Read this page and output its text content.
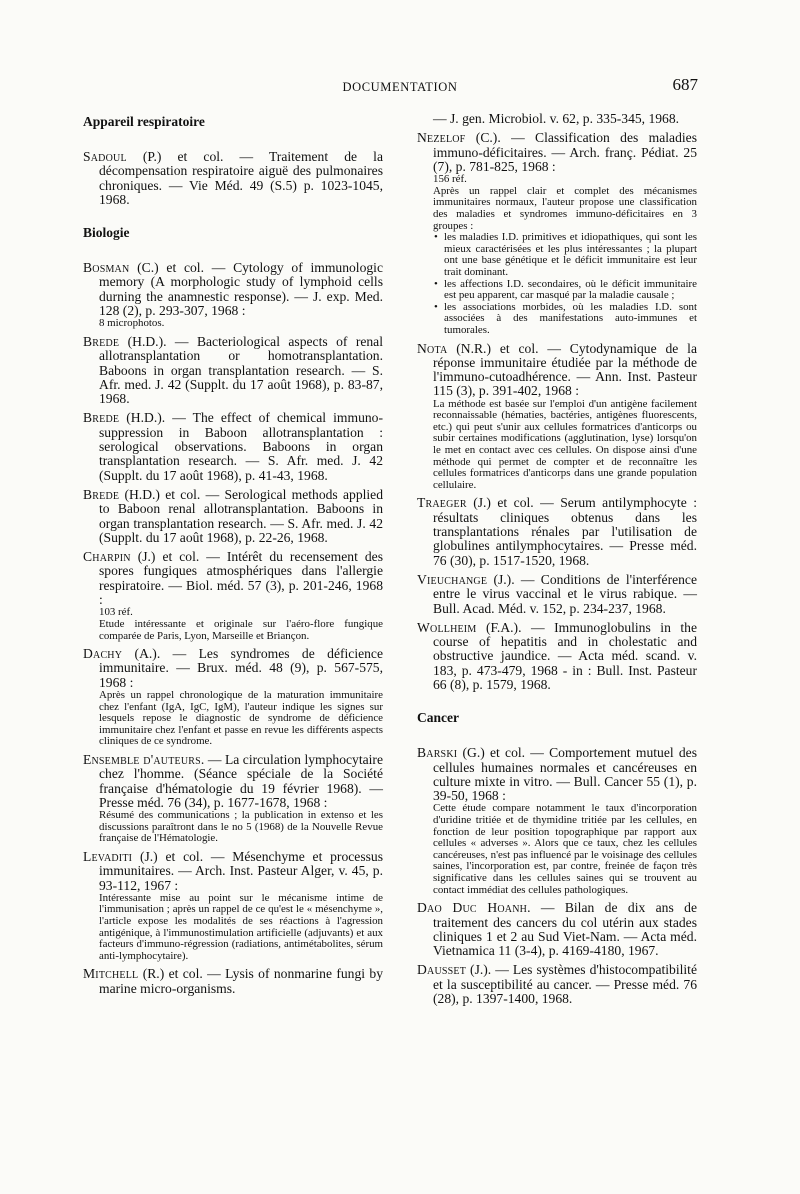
DOCUMENTATION	687
Appareil respiratoire

Sadoul (P.) et col. — Traitement de la décompensation respiratoire aiguë des pulmonaires chroniques. — Vie Méd. 49 (S.5) p. 1023-1045, 1968.

Biologie

Bosman (C.) et col. — Cytology of immunologic memory (A morphologic study of lymphoid cells durning the anamnestic response). — J. exp. Med. 128 (2), p. 293-307, 1968 :

8 microphotos.

Brede (H.D.). — Bacteriological aspects of renal allotransplantation or homotransplantation. Baboons in organ transplantation research. — S. Afr. med. J. 42 (Supplt. du 17 août 1968), p. 83-87, 1968.

Brede (H.D.). — The effect of chemical immuno-suppression in Baboon allotransplantation : serological observations. Baboons in organ transplantation research. — S. Afr. med. J. 42 (Supplt. du 17 août 1968), p. 41-43, 1968.

Brede (H.D.) et col. — Serological methods applied to Baboon renal allotransplantation. Baboons in organ transplantation research. — S. Afr. med. J. 42 (Supplt. du 17 août 1968), p. 22-26, 1968.

Charpin (J.) et col. — Intérêt du recensement des spores fungiques atmosphériques dans l'allergie respiratoire. — Biol. méd. 57 (3), p. 201-246, 1968 :

103 réf.

Etude intéressante et originale sur l'aéro-flore fungique comparée de Paris, Lyon, Marseille et Briançon.

Dachy (A.). — Les syndromes de déficience immunitaire. — Brux. méd. 48 (9), p. 567-575, 1968 :

Après un rappel chronologique de la maturation immunitaire chez l'enfant (IgA, IgC, IgM), l'auteur indique les signes sur lesquels repose le diagnostic de syndrome de déficience immunitaire chez l'enfant et passe en revue les différents aspects cliniques de ce syndrome.

Ensemble d'auteurs. — La circulation lymphocytaire chez l'homme. (Séance spéciale de la Société française d'hématologie du 19 février 1968). — Presse méd. 76 (34), p. 1677-1678, 1968 :

Résumé des communications ; la publication in extenso et les discussions paraîtront dans le no 5 (1968) de la Nouvelle Revue française de l'Hématologie.

Levaditi (J.) et col. — Mésenchyme et processus immunitaires. — Arch. Inst. Pasteur Alger, v. 45, p. 93-112, 1967 :

Intéressante mise au point sur le mécanisme intime de l'immunisation ; après un rappel de ce qu'est le « mésenchyme », l'article expose les modalités de ses réactions à l'agression antigénique, à l'immunostimulation artificielle (adjuvants) et aux facteurs d'immuno-régression (radiations, antimétabolites, sérum anti-lymphocytaire).

Mitchell (R.) et col. — Lysis of nonmarine fungi by marine micro-organisms.

— J. gen. Microbiol. v. 62, p. 335-345, 1968.

Nezelof (C.). — Classification des maladies immuno-déficitaires. — Arch. franç. Pédiat. 25 (7), p. 781-825, 1968 :

156 réf.

Après un rappel clair et complet des mécanismes immunitaires normaux, l'auteur propose une classification des maladies et syndromes immuno-déficitaires en 3 groupes :

• les maladies I.D. primitives et idiopathiques, qui sont les mieux caractérisées et les plus intéressantes ; la plupart ont une base génétique et le déficit immunitaire est leur trait dominant.
• les affections I.D. secondaires, où le déficit immunitaire est peu apparent, car masqué par la maladie causale ;
• les associations morbides, où les maladies I.D. sont associées à des manifestations auto-immunes et tumorales.

Nota (N.R.) et col. — Cytodynamique de la réponse immunitaire étudiée par la méthode de l'immuno-cutoadhérence. — Ann. Inst. Pasteur 115 (3), p. 391-402, 1968 :

La méthode est basée sur l'emploi d'un antigène facilement reconnaissable (hématies, bactéries, antigènes fluorescents, etc.) qui peut s'unir aux cellules formatrices d'anticorps ou subir certaines modifications (agglutination, lyse) lorsqu'on le met en contact avec ces cellules. On dispose ainsi d'une méthode qui permet de compter et de reconnaître les cellules formatrices d'anticorps dans une grande population cellulaire.

Traeger (J.) et col. — Serum antilymphocyte : résultats cliniques obtenus dans les transplantations rénales par l'utilisation de globulines antilymphocytaires. — Presse méd. 76 (30), p. 1517-1520, 1968.

Vieuchange (J.). — Conditions de l'interférence entre le virus vaccinal et le virus rabique. — Bull. Acad. Méd. v. 152, p. 234-237, 1968.

Wollheim (F.A.). — Immunoglobulins in the course of hepatitis and in cholestatic and obstructive jaundice. — Acta méd. scand. v. 183, p. 473-479, 1968 - in : Bull. Inst. Pasteur 66 (8), p. 1579, 1968.

Cancer

Barski (G.) et col. — Comportement mutuel des cellules humaines normales et cancéreuses en culture mixte in vitro. — Bull. Cancer 55 (1), p. 39-50, 1968 :

Cette étude compare notamment le taux d'incorporation d'uridine tritiée et de thymidine tritiée par les cellules, en fonction de leur position topographique par rapport aux cellules « adverses ». Alors que ce taux, chez les cellules cancéreuses, n'est pas influencé par le voisinage des cellules saines, l'incorporation est, par contre, freinée de façon très significative dans les cellules saines qui se trouvent au contact immédiat des cellules pathologiques.

Dao Duc Hoanh. — Bilan de dix ans de traitement des cancers du col utérin aux stades cliniques 1 et 2 au Sud Viet-Nam. — Acta méd. Vietnamica 11 (3-4), p. 4169-4180, 1967.

Dausset (J.). — Les systèmes d'histocompatibilité et la susceptibilité au cancer. — Presse méd. 76 (28), p. 1397-1400, 1968.
